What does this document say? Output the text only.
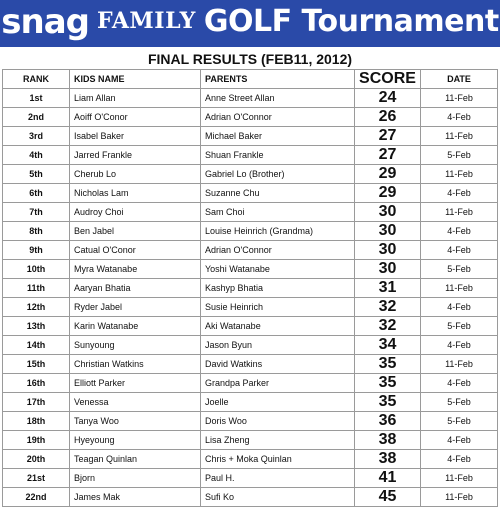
snag FAMILY GOLF Tournament
FINAL RESULTS (FEB11, 2012)
RANK	KIDS NAME	PARENTS	SCORE	DATE
1st	Liam Allan	Anne Street Allan	24	11-Feb
2nd	Aoiff O'Conor	Adrian O'Connor	26	4-Feb
3rd	Isabel Baker	Michael Baker	27	11-Feb
4th	Jarred Frankle	Shuan Frankle	27	5-Feb
5th	Cherub Lo	Gabriel Lo (Brother)	29	11-Feb
6th	Nicholas Lam	Suzanne Chu	29	4-Feb
7th	Audroy Choi	Sam Choi	30	11-Feb
8th	Ben Jabel	Louise Heinrich (Grandma)	30	4-Feb
9th	Catual O'Conor	Adrian O'Connor	30	4-Feb
10th	Myra Watanabe	Yoshi Watanabe	30	5-Feb
11th	Aaryan Bhatia	Kashyp Bhatia	31	11-Feb
12th	Ryder Jabel	Susie Heinrich	32	4-Feb
13th	Karin Watanabe	Aki Watanabe	32	5-Feb
14th	Sunyoung	Jason Byun	34	4-Feb
15th	Christian Watkins	David Watkins	35	11-Feb
16th	Elliott Parker	Grandpa Parker	35	4-Feb
17th	Venessa	Joelle	35	5-Feb
18th	Tanya Woo	Doris Woo	36	5-Feb
19th	Hyeyoung	Lisa Zheng	38	4-Feb
20th	Teagan Quinlan	Chris + Moka Quinlan	38	4-Feb
21st	Bjorn	Paul H.	41	11-Feb
22nd	James Mak	Sufi Ko	45	11-Feb
